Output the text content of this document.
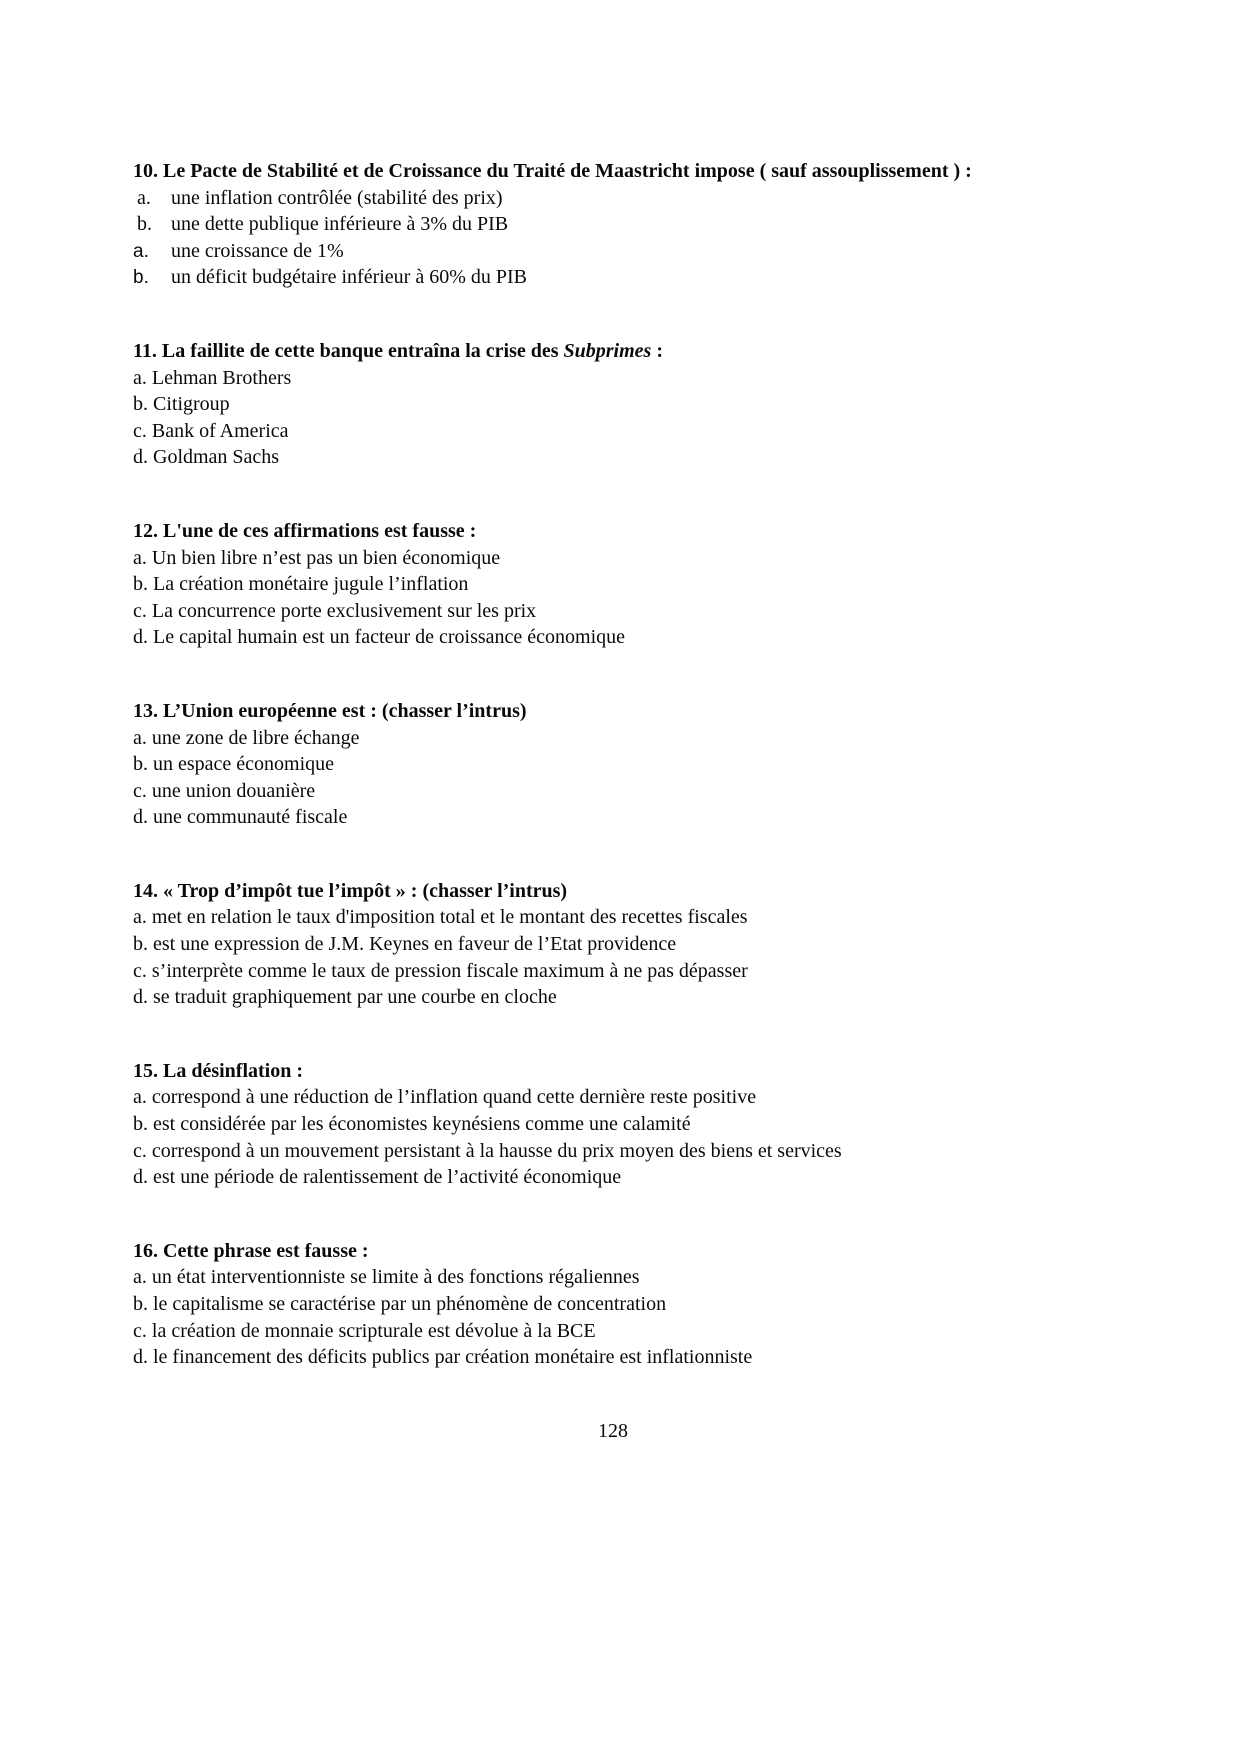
10. Le Pacte de Stabilité et de Croissance du Traité de Maastricht impose ( sauf assouplissement ) :
a. une inflation contrôlée (stabilité des prix)
b. une dette publique inférieure à 3% du PIB
a. une croissance de 1%
b. un déficit budgétaire inférieur à 60% du PIB
11. La faillite de cette banque entraîna la crise des Subprimes :
a. Lehman Brothers
b. Citigroup
c. Bank of America
d. Goldman Sachs
12. L'une de ces affirmations est fausse :
a. Un bien libre n’est pas un bien économique
b. La création monétaire jugule l’inflation
c. La concurrence porte exclusivement sur les prix
d. Le capital humain est un facteur de croissance économique
13. L’Union européenne est : (chasser l’intrus)
a. une zone de libre échange
b. un espace économique
c. une union douanière
d. une communauté fiscale
14. « Trop d’impôt tue l’impôt » : (chasser l’intrus)
a. met en relation le taux d'imposition total et le montant des recettes fiscales
b. est une expression de J.M. Keynes en faveur de l’Etat providence
c. s’interprète comme le taux de pression fiscale maximum à ne pas dépasser
d. se traduit graphiquement par une courbe en cloche
15. La désinflation :
a. correspond à une réduction de l’inflation quand cette dernière reste positive
b. est considérée par les économistes keynésiens comme une calamité
c. correspond à un mouvement persistant à la hausse du prix moyen des biens et services
d. est une période de ralentissement de l’activité économique
16. Cette phrase est fausse :
a. un état interventionniste se limite à des fonctions régaliennes
b. le capitalisme se caractérise par un phénomène de concentration
c. la création de monnaie scripturale est dévolue à la BCE
d. le financement des déficits publics par création monétaire est inflationniste
128
